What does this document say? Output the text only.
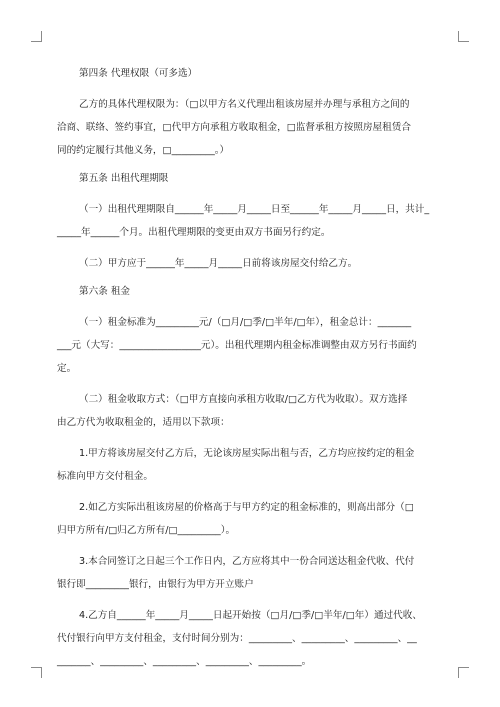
第四条 代理权限（可多选）

乙方的具体代理权限为：（□以甲方名义代理出租该房屋并办理与承租方之间的

洽商、联络、签约事宜，□代甲方向承租方收取租金，□监督承租方按照房屋租赁合

同的约定履行其他义务，□_________。）

第五条 出租代理期限

（一）出租代理期限自______年_____月_____日至______年_____月_____日，共计_

_____年______个月。出租代理期限的变更由双方书面另行约定。

（二）甲方应于______年_____月_____日前将该房屋交付给乙方。

第六条 租金

（一）租金标准为_________元/（□月/□季/□半年/□年），租金总计：_______

___元（大写：_________________元）。出租代理期内租金标准调整由双方另行书面约

定。

（二）租金收取方式：（□甲方直接向承租方收取/□乙方代为收取）。双方选择

由乙方代为收取租金的，适用以下款项：

1.甲方将该房屋交付乙方后，无论该房屋实际出租与否，乙方均应按约定的租金

标准向甲方交付租金。

2.如乙方实际出租该房屋的价格高于与甲方约定的租金标准的，则高出部分（□

归甲方所有/□归乙方所有/□_________）。

3.本合同签订之日起三个工作日内，乙方应将其中一份合同送达租金代收、代付

银行即_________银行，由银行为甲方开立账户

4.乙方自______年_____月_____日起开始按（□月/□季/□半年/□年）通过代收、

代付银行向甲方支付租金，支付时间分别为：_________、_________、_________、__

_______、_________、_________、_________、_________。
